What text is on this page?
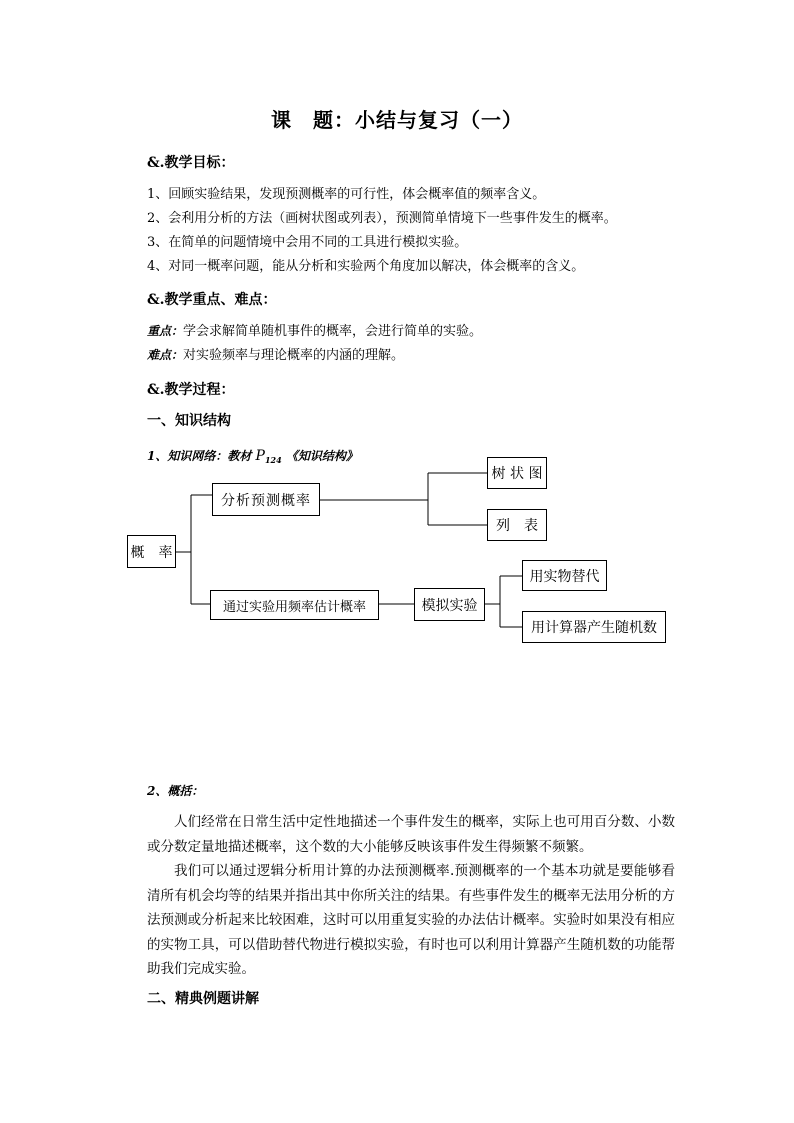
课　题：小结与复习（一）
&.教学目标：
1、回顾实验结果，发现预测概率的可行性，体会概率值的频率含义。
2、会利用分析的方法（画树状图或列表），预测简单情境下一些事件发生的概率。
3、在简单的问题情境中会用不同的工具进行模拟实验。
4、对同一概率问题，能从分析和实验两个角度加以解决，体会概率的含义。
&.教学重点、难点：
重点：学会求解简单随机事件的概率，会进行简单的实验。
难点：对实验频率与理论概率的内涵的理解。
&.教学过程：
一、知识结构
1、知识网络：教材 $P_{124}$ 《知识结构》
概　率
分析预测概率
树 状 图
列　表
通过实验用频率估计概率	模拟实验
用实物替代
用计算器产生随机数
2、概括：
人们经常在日常生活中定性地描述一个事件发生的概率，实际上也可用百分数、小数或分数定量地描述概率，这个数的大小能够反映该事件发生得频繁不频繁。
我们可以通过逻辑分析用计算的办法预测概率.预测概率的一个基本功就是要能够看清所有机会均等的结果并指出其中你所关注的结果。有些事件发生的概率无法用分析的方法预测或分析起来比较困难，这时可以用重复实验的办法估计概率。实验时如果没有相应的实物工具，可以借助替代物进行模拟实验，有时也可以利用计算器产生随机数的功能帮助我们完成实验。
二、精典例题讲解
